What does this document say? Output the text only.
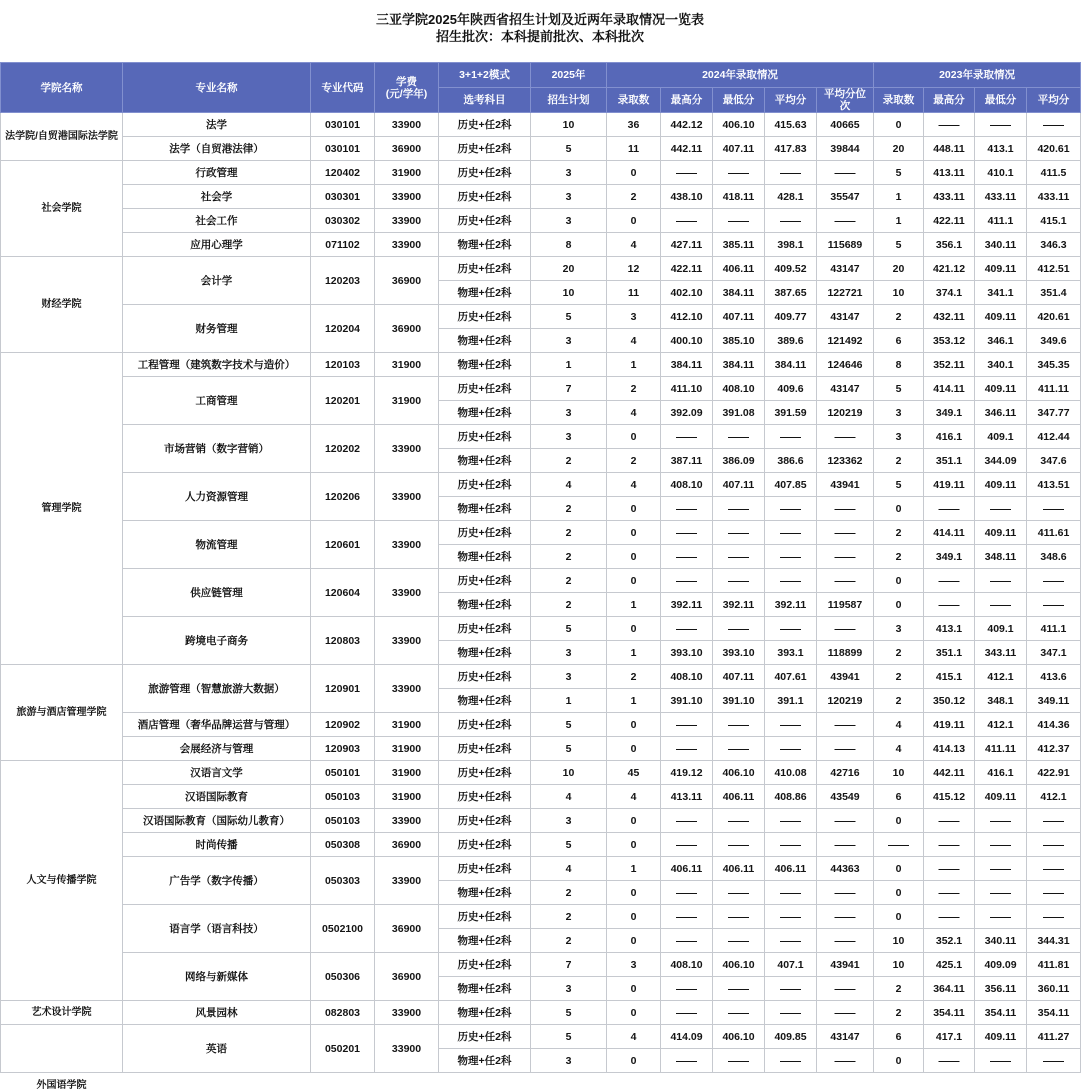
三亚学院2025年陕西省招生计划及近两年录取情况一览表
招生批次：本科提前批次、本科批次
学院名称	专业名称	专业代码	学费
(元/学年)	3+1+2模式	2025年	2024年录取情况					2023年录取情况			
				选考科目	招生计划	录取数	最高分	最低分	平均分	平均分位次	录取数	最高分	最低分	平均分
法学院/自贸港国际法学院	法学	030101	33900	历史+任2科	10	36	442.12	406.10	415.63	40665	0	——	——	——
	法学（自贸港法律）	030101	36900	历史+任2科	5	11	442.11	407.11	417.83	39844	20	448.11	413.1	420.61
社会学院	行政管理	120402	31900	历史+任2科	3	0	——	——	——	——	5	413.11	410.1	411.5
	社会学	030301	33900	历史+任2科	3	2	438.10	418.11	428.1	35547	1	433.11	433.11	433.11
	社会工作	030302	33900	历史+任2科	3	0	——	——	——	——	1	422.11	411.1	415.1
	应用心理学	071102	33900	物理+任2科	8	4	427.11	385.11	398.1	115689	5	356.1	340.11	346.3
财经学院	会计学	120203	36900	历史+任2科	20	12	422.11	406.11	409.52	43147	20	421.12	409.11	412.51
				物理+任2科	10	11	402.10	384.11	387.65	122721	10	374.1	341.1	351.4
	财务管理	120204	36900	历史+任2科	5	3	412.10	407.11	409.77	43147	2	432.11	409.11	420.61
				物理+任2科	3	4	400.10	385.10	389.6	121492	6	353.12	346.1	349.6
管理学院	工程管理（建筑数字技术与造价）	120103	31900	物理+任2科	1	1	384.11	384.11	384.11	124646	8	352.11	340.1	345.35
	工商管理	120201	31900	历史+任2科	7	2	411.10	408.10	409.6	43147	5	414.11	409.11	411.11
				物理+任2科	3	4	392.09	391.08	391.59	120219	3	349.1	346.11	347.77
	市场营销（数字营销）	120202	33900	历史+任2科	3	0	——	——	——	——	3	416.1	409.1	412.44
				物理+任2科	2	2	387.11	386.09	386.6	123362	2	351.1	344.09	347.6
	人力资源管理	120206	33900	历史+任2科	4	4	408.10	407.11	407.85	43941	5	419.11	409.11	413.51
				物理+任2科	2	0	——	——	——	——	0	——	——	——
	物流管理	120601	33900	历史+任2科	2	0	——	——	——	——	2	414.11	409.11	411.61
				物理+任2科	2	0	——	——	——	——	2	349.1	348.11	348.6
	供应链管理	120604	33900	历史+任2科	2	0	——	——	——	——	0	——	——	——
				物理+任2科	2	1	392.11	392.11	392.11	119587	0	——	——	——
	跨境电子商务	120803	33900	历史+任2科	5	0	——	——	——	——	3	413.1	409.1	411.1
				物理+任2科	3	1	393.10	393.10	393.1	118899	2	351.1	343.11	347.1
旅游与酒店管理学院	旅游管理（智慧旅游大数据）	120901	33900	历史+任2科	3	2	408.10	407.11	407.61	43941	2	415.1	412.1	413.6
				物理+任2科	1	1	391.10	391.10	391.1	120219	2	350.12	348.1	349.11
	酒店管理（奢华品牌运营与管理）	120902	31900	历史+任2科	5	0	——	——	——	——	4	419.11	412.1	414.36
	会展经济与管理	120903	31900	历史+任2科	5	0	——	——	——	——	4	414.13	411.11	412.37
人文与传播学院	汉语言文学	050101	31900	历史+任2科	10	45	419.12	406.10	410.08	42716	10	442.11	416.1	422.91
	汉语国际教育	050103	31900	历史+任2科	4	4	413.11	406.11	408.86	43549	6	415.12	409.11	412.1
	汉语国际教育（国际幼儿教育）	050103	33900	历史+任2科	3	0	——	——	——	——	0	——	——	——
	时尚传播	050308	36900	历史+任2科	5	0	——	——	——	——	——	——	——	——
	广告学（数字传播）	050303	33900	历史+任2科	4	1	406.11	406.11	406.11	44363	0	——	——	——
				物理+任2科	2	0	——	——	——	——	0	——	——	——
	语言学（语言科技）	0502100	36900	历史+任2科	2	0	——	——	——	——	0	——	——	——
				物理+任2科	2	0	——	——	——	——	10	352.1	340.11	344.31
	网络与新媒体	050306	36900	历史+任2科	7	3	408.10	406.10	407.1	43941	10	425.1	409.09	411.81
				物理+任2科	3	0	——	——	——	——	2	364.11	356.11	360.11
艺术设计学院	风景园林	082803	33900	物理+任2科	5	0	——	——	——	——	2	354.11	354.11	354.11

外国语学院	英语	050201	33900	历史+任2科	5	4	414.09	406.10	409.85	43147	6	417.1	409.11	411.27
				物理+任2科	3	0	——	——	——	——	0	——	——	——
